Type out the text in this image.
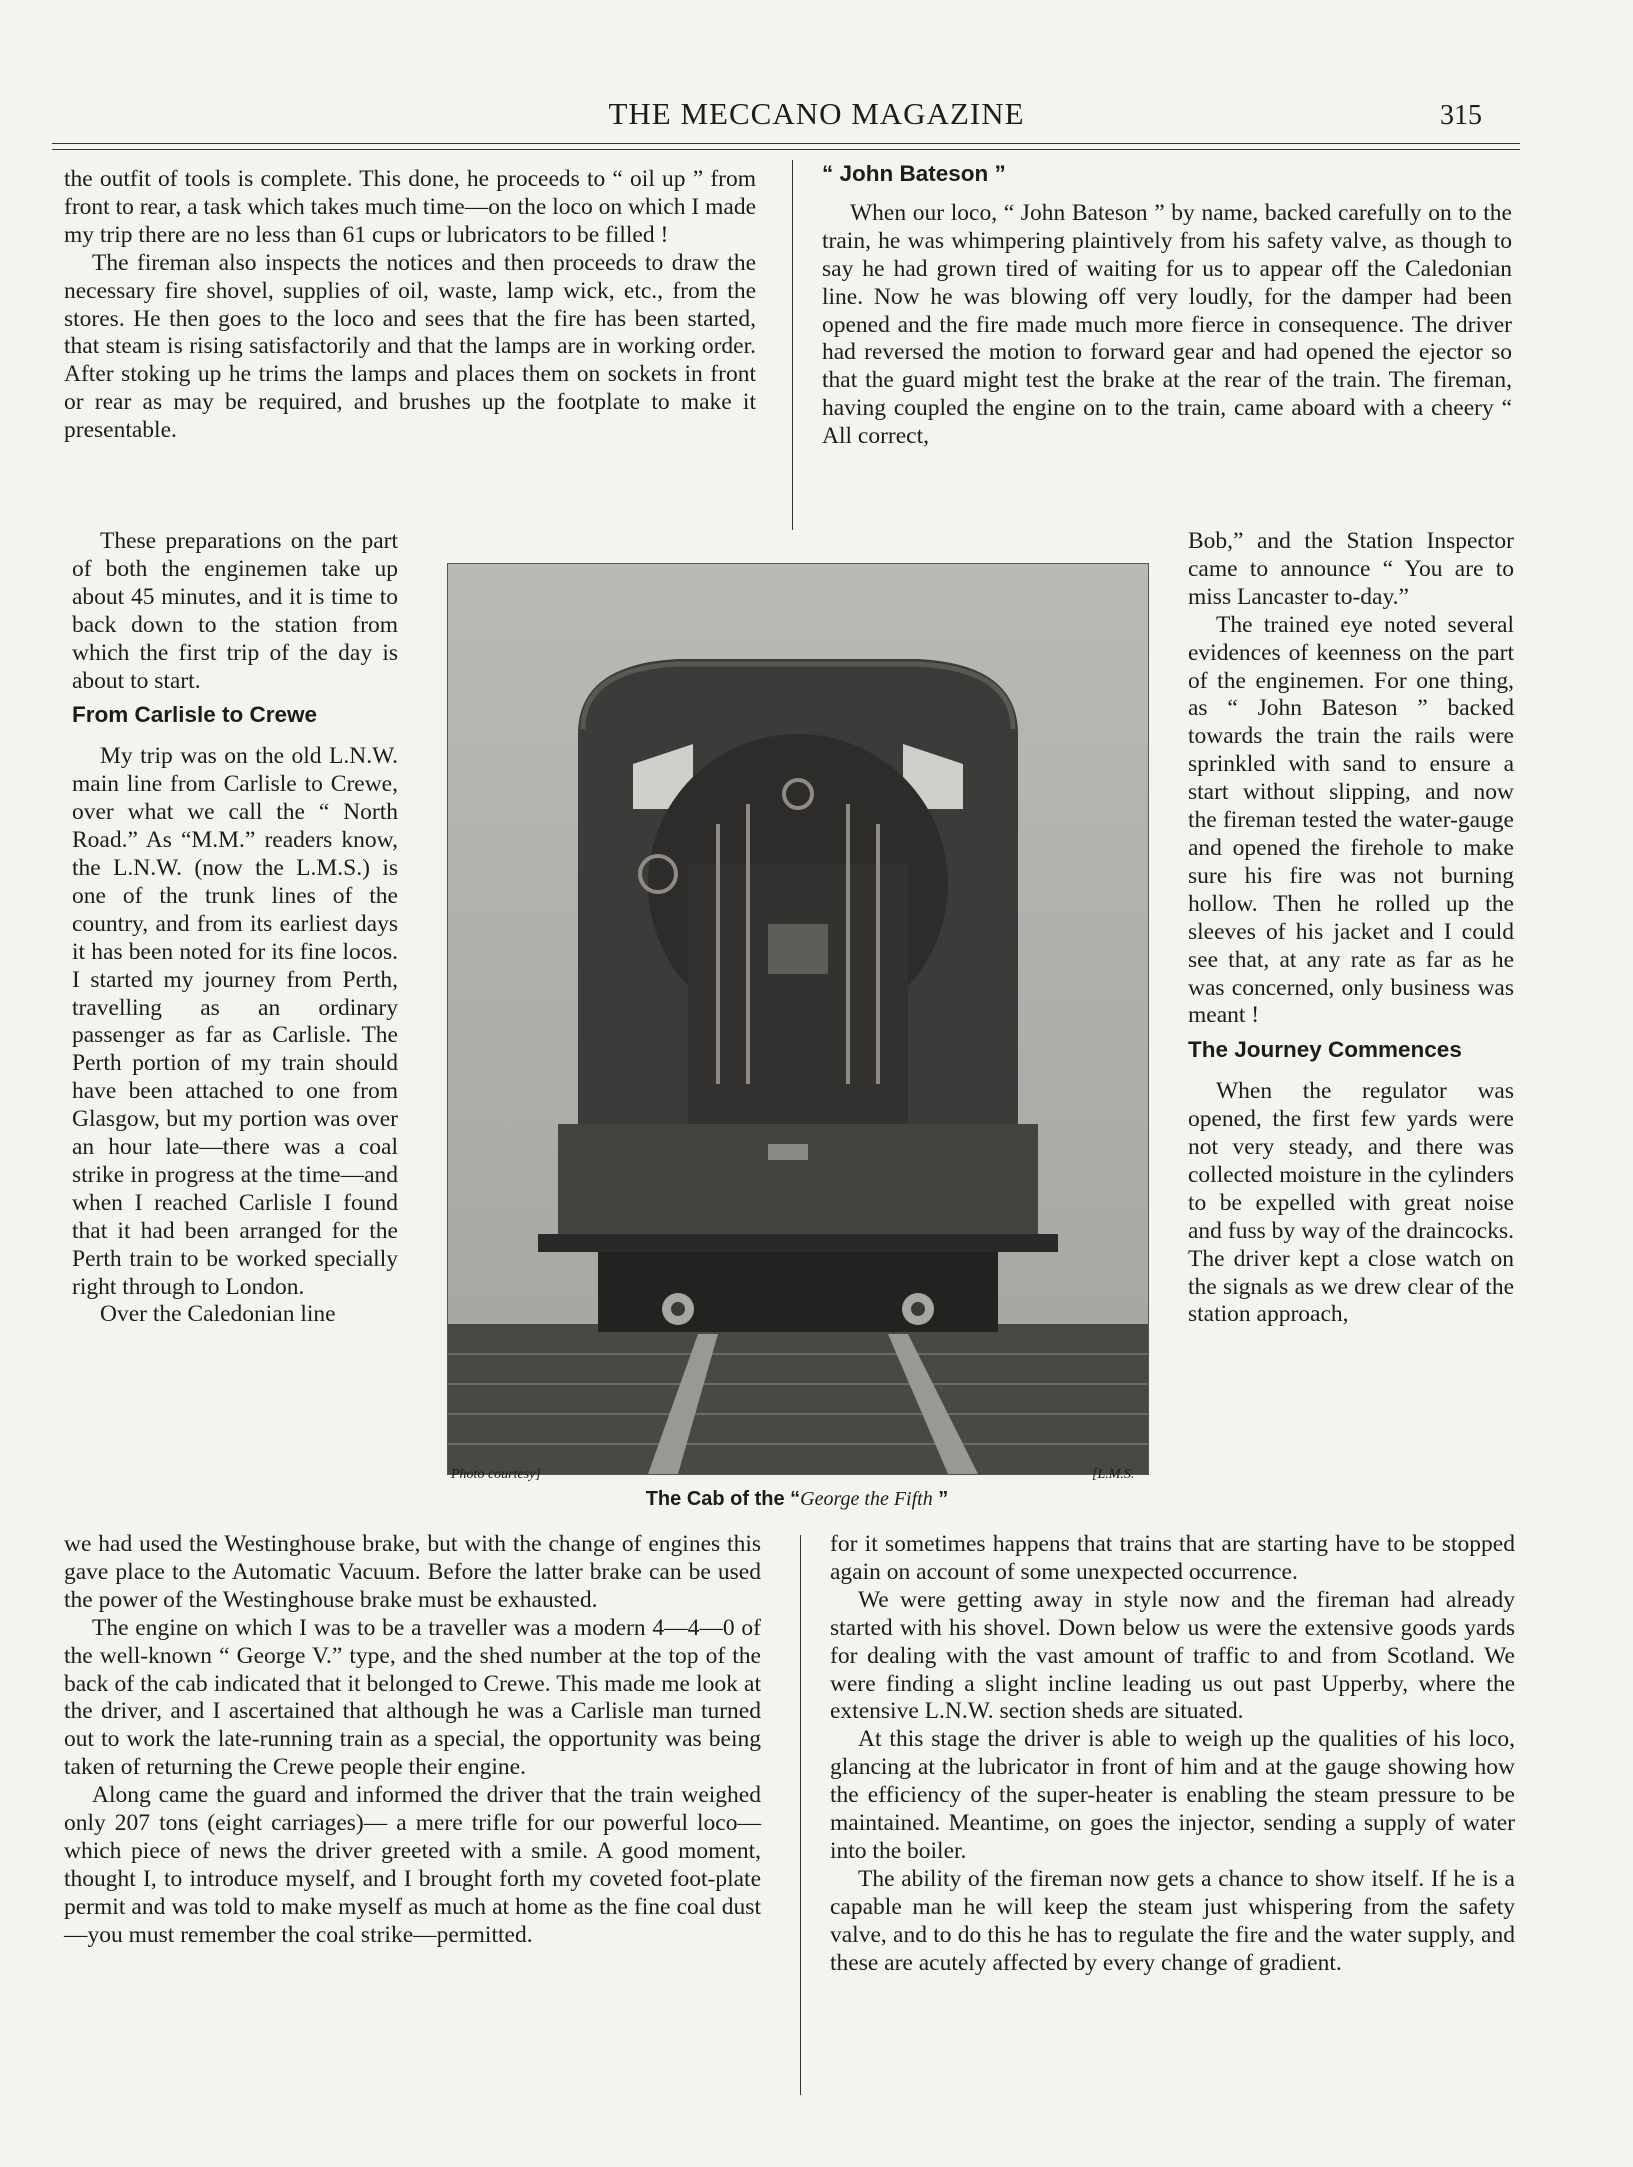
THE MECCANO MAGAZINE	315

the outfit of tools is complete. This done, he proceeds to “ oil up ” from front to rear, a task which takes much time—on the loco on which I made my trip there are no less than 61 cups or lubricators to be filled !

The fireman also inspects the notices and then proceeds to draw the necessary fire shovel, supplies of oil, waste, lamp wick, etc., from the stores. He then goes to the loco and sees that the fire has been started, that steam is rising satisfactorily and that the lamps are in working order. After stoking up he trims the lamps and places them on sockets in front or rear as may be required, and brushes up the footplate to make it presentable.

These preparations on the part of both the enginemen take up about 45 minutes, and it is time to back down to the station from which the first trip of the day is about to start.

From Carlisle to Crewe

My trip was on the old L.N.W. main line from Carlisle to Crewe, over what we call the “ North Road.” As “M.M.” readers know, the L.N.W. (now the L.M.S.) is one of the trunk lines of the country, and from its earliest days it has been noted for its fine locos. I started my journey from Perth, travelling as an ordinary passenger as far as Carlisle. The Perth portion of my train should have been attached to one from Glasgow, but my portion was over an hour late—there was a coal strike in progress at the time—and when I reached Carlisle I found that it had been arranged for the Perth train to be worked specially right through to London.

Over the Caledonian line

we had used the Westinghouse brake, but with the change of engines this gave place to the Automatic Vacuum. Before the latter brake can be used the power of the Westinghouse brake must be exhausted.

The engine on which I was to be a traveller was a modern 4—4—0 of the well-known “ George V.” type, and the shed number at the top of the back of the cab indicated that it belonged to Crewe. This made me look at the driver, and I ascertained that although he was a Carlisle man turned out to work the late-running train as a special, the opportunity was being taken of returning the Crewe people their engine.

Along came the guard and informed the driver that the train weighed only 207 tons (eight carriages)— a mere trifle for our powerful loco—which piece of news the driver greeted with a smile. A good moment, thought I, to introduce myself, and I brought forth my coveted foot-plate permit and was told to make myself as much at home as the fine coal dust—you must remember the coal strike—permitted.

“ John Bateson ”

When our loco, “ John Bateson ” by name, backed carefully on to the train, he was whimpering plaintively from his safety valve, as though to say he had grown tired of waiting for us to appear off the Caledonian line. Now he was blowing off very loudly, for the damper had been opened and the fire made much more fierce in consequence. The driver had reversed the motion to forward gear and had opened the ejector so that the guard might test the brake at the rear of the train. The fireman, having coupled the engine on to the train, came aboard with a cheery “ All correct,

Bob,” and the Station Inspector came to announce “ You are to miss Lancaster to-day.”

The trained eye noted several evidences of keenness on the part of the enginemen. For one thing, as “ John Bateson ” backed towards the train the rails were sprinkled with sand to ensure a start without slipping, and now the fireman tested the water-gauge and opened the firehole to make sure his fire was not burning hollow. Then he rolled up the sleeves of his jacket and I could see that, at any rate as far as he was concerned, only business was meant !

The Journey Commences

When the regulator was opened, the first few yards were not very steady, and there was collected moisture in the cylinders to be expelled with great noise and fuss by way of the draincocks. The driver kept a close watch on the signals as we drew clear of the station approach,

for it sometimes happens that trains that are starting have to be stopped again on account of some unexpected occurrence.

We were getting away in style now and the fireman had already started with his shovel. Down below us were the extensive goods yards for dealing with the vast amount of traffic to and from Scotland. We were finding a slight incline leading us out past Upperby, where the extensive L.N.W. section sheds are situated.

At this stage the driver is able to weigh up the qualities of his loco, glancing at the lubricator in front of him and at the gauge showing how the efficiency of the super-heater is enabling the steam pressure to be maintained. Meantime, on goes the injector, sending a supply of water into the boiler.

The ability of the fireman now gets a chance to show itself. If he is a capable man he will keep the steam just whispering from the safety valve, and to do this he has to regulate the fire and the water supply, and these are acutely affected by every change of gradient.

Photo courtesy]	[L.M.S.
The Cab of the “George the Fifth ”
